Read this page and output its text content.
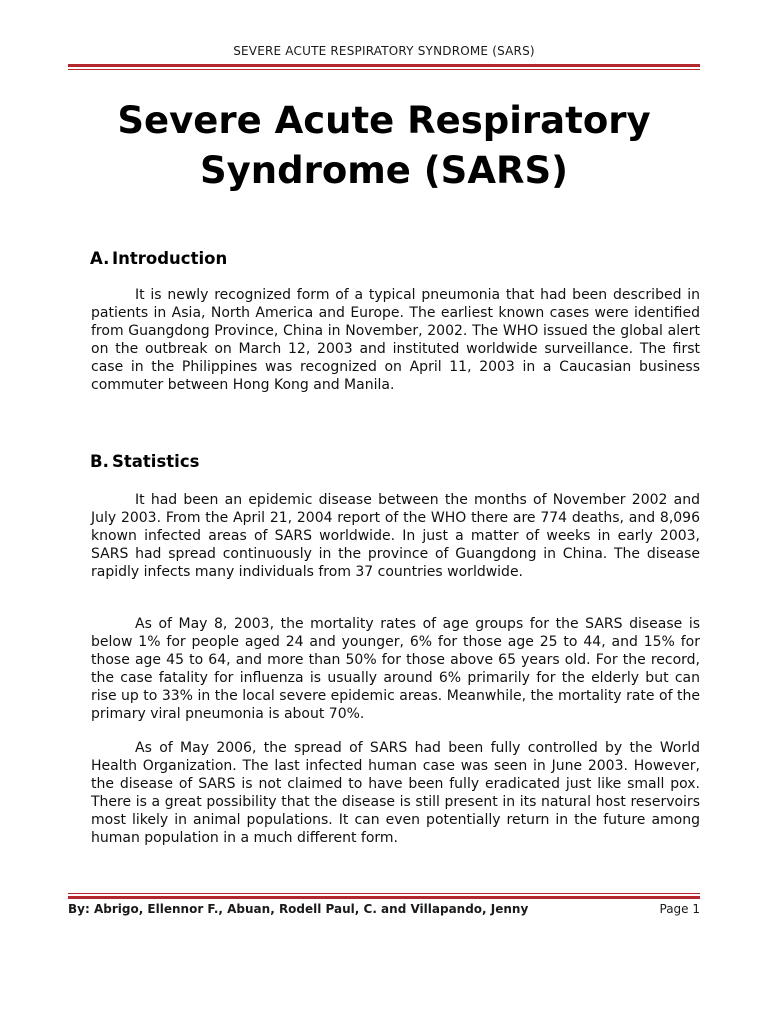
SEVERE ACUTE RESPIRATORY SYNDROME (SARS)
Severe Acute Respiratory
Syndrome (SARS)
A. Introduction

It is newly recognized form of a typical pneumonia that had been described in patients in Asia, North America and Europe. The earliest known cases were identified from Guangdong Province, China in November, 2002. The WHO issued the global alert on the outbreak on March 12, 2003 and instituted worldwide surveillance. The first case in the Philippines was recognized on April 11, 2003 in a Caucasian business commuter between Hong Kong and Manila.

B. Statistics

It had been an epidemic disease between the months of November 2002 and July 2003. From the April 21, 2004 report of the WHO there are 774 deaths, and 8,096 known infected areas of SARS worldwide. In just a matter of weeks in early 2003, SARS had spread continuously in the province of Guangdong in China. The disease rapidly infects many individuals from 37 countries worldwide.

As of May 8, 2003, the mortality rates of age groups for the SARS disease is below 1% for people aged 24 and younger, 6% for those age 25 to 44, and 15% for those age 45 to 64, and more than 50% for those above 65 years old. For the record, the case fatality for influenza is usually around 6% primarily for the elderly but can rise up to 33% in the local severe epidemic areas. Meanwhile, the mortality rate of the primary viral pneumonia is about 70%.

As of May 2006, the spread of SARS had been fully controlled by the World Health Organization. The last infected human case was seen in June 2003. However, the disease of SARS is not claimed to have been fully eradicated just like small pox. There is a great possibility that the disease is still present in its natural host reservoirs most likely in animal populations. It can even potentially return in the future among human population in a much different form.

By: Abrigo, Ellennor F., Abuan, Rodell Paul, C. and Villapando, Jenny	Page 1
